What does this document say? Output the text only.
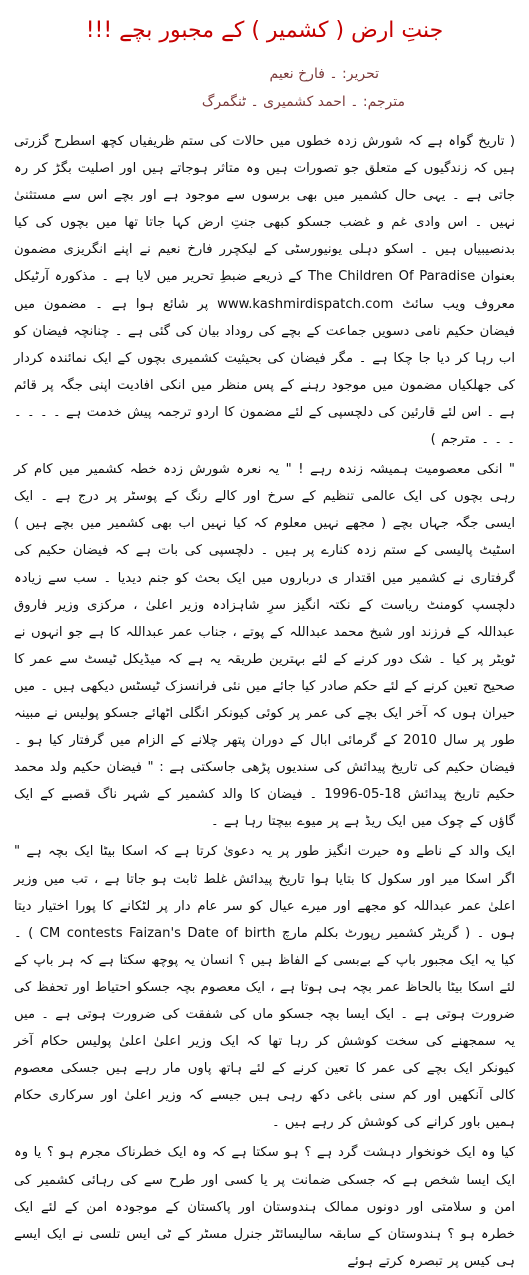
جنتِ ارض ( کشمیر ) کے مجبور بچے !!!
تحریر: ۔ فارخ نعیم
مترجم: ۔ احمد کشمیری ۔ ٹنگمرگ

( تاریخ گواہ ہے کہ شورش زدہ خطوں میں حالات کی ستم ظریفیاں کچھ اسطرح گزرتی ہیں کہ زندگیوں کے متعلق جو تصورات ہیں وہ متاثر ہوجاتے ہیں اور اصلیت بگڑ کر رہ جاتی ہے ۔ یہی حال کشمیر میں بھی برسوں سے موجود ہے اور بچے اس سے مستثنیٰ نہیں ۔ اس وادی غم و غضب جسکو کبھی جنتِ ارض کہا جاتا تھا میں بچوں کی کیا بدنصیبیاں ہیں ۔ اسکو دہلی یونیورسٹی کے لیکچرر فارخ نعیم نے اپنے انگریزی مضمون بعنوان The Children Of Paradise کے ذریعے ضبطِ تحریر میں لایا ہے ۔ مذکورہ آرٹیکل معروف ویب سائٹ www.kashmirdispatch.com پر شائع ہوا ہے ۔ مضمون میں فیضان حکیم نامی دسویں جماعت کے بچے کی روداد بیان کی گئی ہے ۔ چنانچہ فیضان کو اب رہا کر دیا جا چکا ہے ۔ مگر فیضان کی بحیثیت کشمیری بچوں کے ایک نمائندہ کردار کی جھلکیاں مضمون میں موجود رہنے کے پس منظر میں انکی افادیت اپنی جگہ پر قائم ہے ۔ اس لئے قارئین کی دلچسپی کے لئے مضمون کا اردو ترجمہ پیش خدمت ہے ۔ ۔ ۔ ۔ ۔ ۔ ۔ مترجم )

" انکی معصومیت ہمیشہ زندہ رہے ! " یہ نعرہ شورش زدہ خطہ کشمیر میں کام کر رہی بچوں کی ایک عالمی تنظیم کے سرخ اور کالے رنگ کے پوسٹر پر درج ہے ۔ ایک ایسی جگہ جہاں بچے ( مجھے نہیں معلوم کہ کیا نہیں اب بھی کشمیر میں بچے ہیں ) اسٹیٹ پالیسی کے ستم زدہ کنارے پر ہیں ۔ دلچسپی کی بات ہے کہ فیضان حکیم کی گرفتاری نے کشمیر میں اقتدار ی درباروں میں ایک بحث کو جنم دیدیا ۔ سب سے زیادہ دلچسپ کومنٹ ریاست کے نکتہ انگیز سرِ شاہزادہ وزیر اعلیٰ ، مرکزی وزیر فاروق عبداللہ کے فرزند اور شیخ محمد عبداللہ کے پوتے ، جناب عمر عبداللہ کا ہے جو انہوں نے ٹویٹر پر کیا ۔ شک دور کرنے کے لئے بہترین طریقہ یہ ہے کہ میڈیکل ٹیسٹ سے عمر کا صحیح تعین کرنے کے لئے حکم صادر کیا جائے میں نئی فرانسزک ٹیسٹس دیکھی ہیں ۔ میں حیران ہوں کہ آخر ایک بچے کی عمر پر کوئی کیونکر انگلی اٹھائے جسکو پولیس نے مبینہ طور پر سال 2010 کے گرمائی ابال کے دوران پتھر چلانے کے الزام میں گرفتار کیا ہو ۔ فیضان حکیم کی تاریخ پیدائش کی سندیوں پڑھی جاسکتی ہے : " فیضان حکیم ولد محمد حکیم تاریخ پیدائش 18-05-1996 ۔ فیضان کا والد کشمیر کے شہر ناگ قصبے کے ایک گاؤں کے چوک میں ایک ریڈ ہے پر میوے بیچتا رہا ہے ۔

ایک والد کے ناطے وہ حیرت انگیز طور پر یہ دعویٰ کرتا ہے کہ اسکا بیٹا ایک بچہ ہے " اگر اسکا میر اور سکول کا بتایا ہوا تاریخ پیدائش غلط ثابت ہو جاتا ہے ، تب میں وزیر اعلیٰ عمر عبداللہ کو مجھے اور میرے عیال کو سر عام دار پر لٹکانے کا پورا اختیار دیتا ہوں ۔ ( گریٹر کشمیر رپورٹ بکلم مارچ CM contests Faizan's Date of birth ) ۔ کیا یہ ایک مجبور باپ کے بےبسی کے الفاظ ہیں ؟ انسان یہ پوچھ سکتا ہے کہ ہر باپ کے لئے اسکا بیٹا بالحاظ عمر بچہ ہی ہوتا ہے ، ایک معصوم بچہ جسکو احتیاط اور تحفظ کی ضرورت ہوتی ہے ۔ ایک ایسا بچہ جسکو ماں کی شفقت کی ضرورت ہوتی ہے ۔ میں یہ سمجھنے کی سخت کوشش کر رہا تھا کہ ایک وزیر اعلیٰ اعلیٰ پولیس حکام آخر کیونکر ایک بچے کی عمر کا تعین کرنے کے لئے ہاتھ پاوں مار رہے ہیں جسکی معصوم کالی آنکھیں اور کم سنی باغی دکھ رہی ہیں جیسے کہ وزیر اعلیٰ اور سرکاری حکام ہمیں باور کرانے کی کوشش کر رہے ہیں ۔

کیا وہ ایک خونخوار دہشت گرد ہے ؟ ہو سکتا ہے کہ وہ ایک خطرناک مجرم ہو ؟ یا وہ ایک ایسا شخص ہے کہ جسکی ضمانت پر یا کسی اور طرح سے کی رہائی کشمیر کی امن و سلامتی اور دونوں ممالک ہندوستان اور پاکستان کے موجودہ امن کے لئے ایک خطرہ ہو ؟ ہندوستان کے سابقہ سالیسائٹر جنرل مسٹر کے ٹی ایس تلسی نے ایک ایسے ہی کیس پر تبصرہ کرتے ہوئے
